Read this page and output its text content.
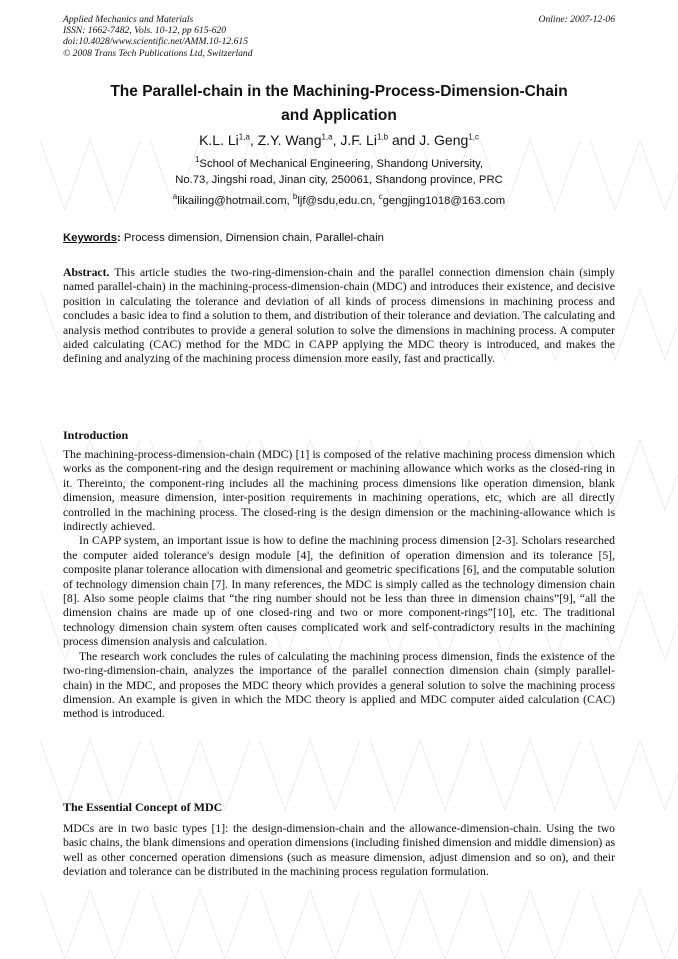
Applied Mechanics and Materials
ISSN: 1662-7482, Vols. 10-12, pp 615-620
doi:10.4028/www.scientific.net/AMM.10-12.615
© 2008 Trans Tech Publications Ltd, Switzerland
Online: 2007-12-06
The Parallel-chain in the Machining-Process-Dimension-Chain
and Application
K.L. Li$^{1,a}$, Z.Y. Wang$^{1,a}$, J.F. Li$^{1,b}$ and J. Geng$^{1,c}$
$^1$School of Mechanical Engineering, Shandong University,
No.73, Jingshi road, Jinan city, 250061, Shandong province, PRC
$^a$likailing@hotmail.com, $^b$ljf@sdu,edu.cn, $^c$gengjing1018@163.com
Keywords: Process dimension, Dimension chain, Parallel-chain

Abstract. This article studies the two-ring-dimension-chain and the parallel connection dimension chain (simply named parallel-chain) in the machining-process-dimension-chain (MDC) and introduces their existence, and decisive position in calculating the tolerance and deviation of all kinds of process dimensions in machining process and concludes a basic idea to find a solution to them, and distribution of their tolerance and deviation. The calculating and analysis method contributes to provide a general solution to solve the dimensions in machining process. A computer aided calculating (CAC) method for the MDC in CAPP applying the MDC theory is introduced, and makes the defining and analyzing of the machining process dimension more easily, fast and practically.

Introduction

The machining-process-dimension-chain (MDC) [1] is composed of the relative machining process dimension which works as the component-ring and the design requirement or machining allowance which works as the closed-ring in it. Thereinto, the component-ring includes all the machining process dimensions like operation dimension, blank dimension, measure dimension, inter-position requirements in machining operations, etc, which are all directly controlled in the machining process. The closed-ring is the design dimension or the machining-allowance which is indirectly achieved.

In CAPP system, an important issue is how to define the machining process dimension [2-3]. Scholars researched the computer aided tolerance's design module [4], the definition of operation dimension and its tolerance [5], composite planar tolerance allocation with dimensional and geometric specifications [6], and the computable solution of technology dimension chain [7]. In many references, the MDC is simply called as the technology dimension chain [8]. Also some people claims that “the ring number should not be less than three in dimension chains”[9], “all the dimension chains are made up of one closed-ring and two or more component-rings”[10], etc. The traditional technology dimension chain system often causes complicated work and self-contradictory results in the machining process dimension analysis and calculation.

The research work concludes the rules of calculating the machining process dimension, finds the existence of the two-ring-dimension-chain, analyzes the importance of the parallel connection dimension chain (simply parallel-chain) in the MDC, and proposes the MDC theory which provides a general solution to solve the machining process dimension. An example is given in which the MDC theory is applied and MDC computer aided calculation (CAC) method is introduced.

The Essential Concept of MDC

MDCs are in two basic types [1]: the design-dimension-chain and the allowance-dimension-chain. Using the two basic chains, the blank dimensions and operation dimensions (including finished dimension and middle dimension) as well as other concerned operation dimensions (such as measure dimension, adjust dimension and so on), and their deviation and tolerance can be distributed in the machining process regulation formulation.
